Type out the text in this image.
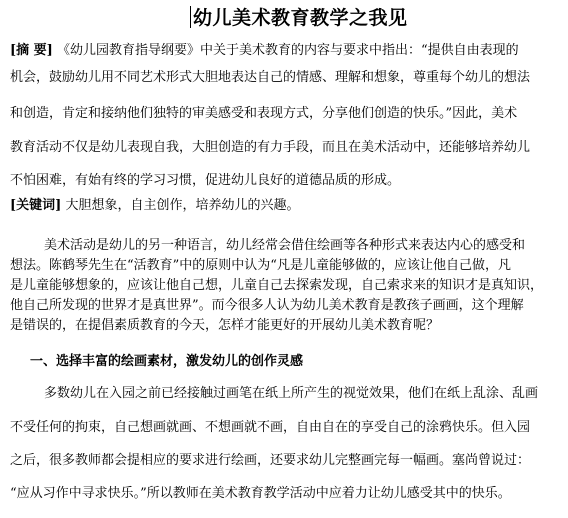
幼儿美术教育教学之我见
[摘 要] 《幼儿园教育指导纲要》中关于美术教育的内容与要求中指出：“提供自由表现的
机会，鼓励幼儿用不同艺术形式大胆地表达自己的情感、理解和想象，尊重每个幼儿的想法
和创造，肯定和接纳他们独特的审美感受和表现方式，分享他们创造的快乐。”因此，美术
教育活动不仅是幼儿表现自我，大胆创造的有力手段，而且在美术活动中，还能够培养幼儿
不怕困难，有始有终的学习习惯，促进幼儿良好的道德品质的形成。
[关键词] 大胆想象，自主创作，培养幼儿的兴趣。
美术活动是幼儿的另一种语言，幼儿经常会借住绘画等各种形式来表达内心的感受和
想法。陈鹤琴先生在“活教育”中的原则中认为“凡是儿童能够做的，应该让他自己做，凡
是儿童能够想象的，应该让他自己想，儿童自己去探索发现，自己索求来的知识才是真知识，
他自己所发现的世界才是真世界”。而今很多人认为幼儿美术教育是教孩子画画，这个理解
是错误的，在提倡素质教育的今天，怎样才能更好的开展幼儿美术教育呢？
一、选择丰富的绘画素材，激发幼儿的创作灵感
多数幼儿在入园之前已经接触过画笔在纸上所产生的视觉效果，他们在纸上乱涂、乱画
不受任何的拘束，自己想画就画、不想画就不画，自由自在的享受自己的涂鸦快乐。但入园
之后，很多教师都会提相应的要求进行绘画，还要求幼儿完整画完每一幅画。塞尚曾说过：
“应从习作中寻求快乐。”所以教师在美术教育教学活动中应着力让幼儿感受其中的快乐。
